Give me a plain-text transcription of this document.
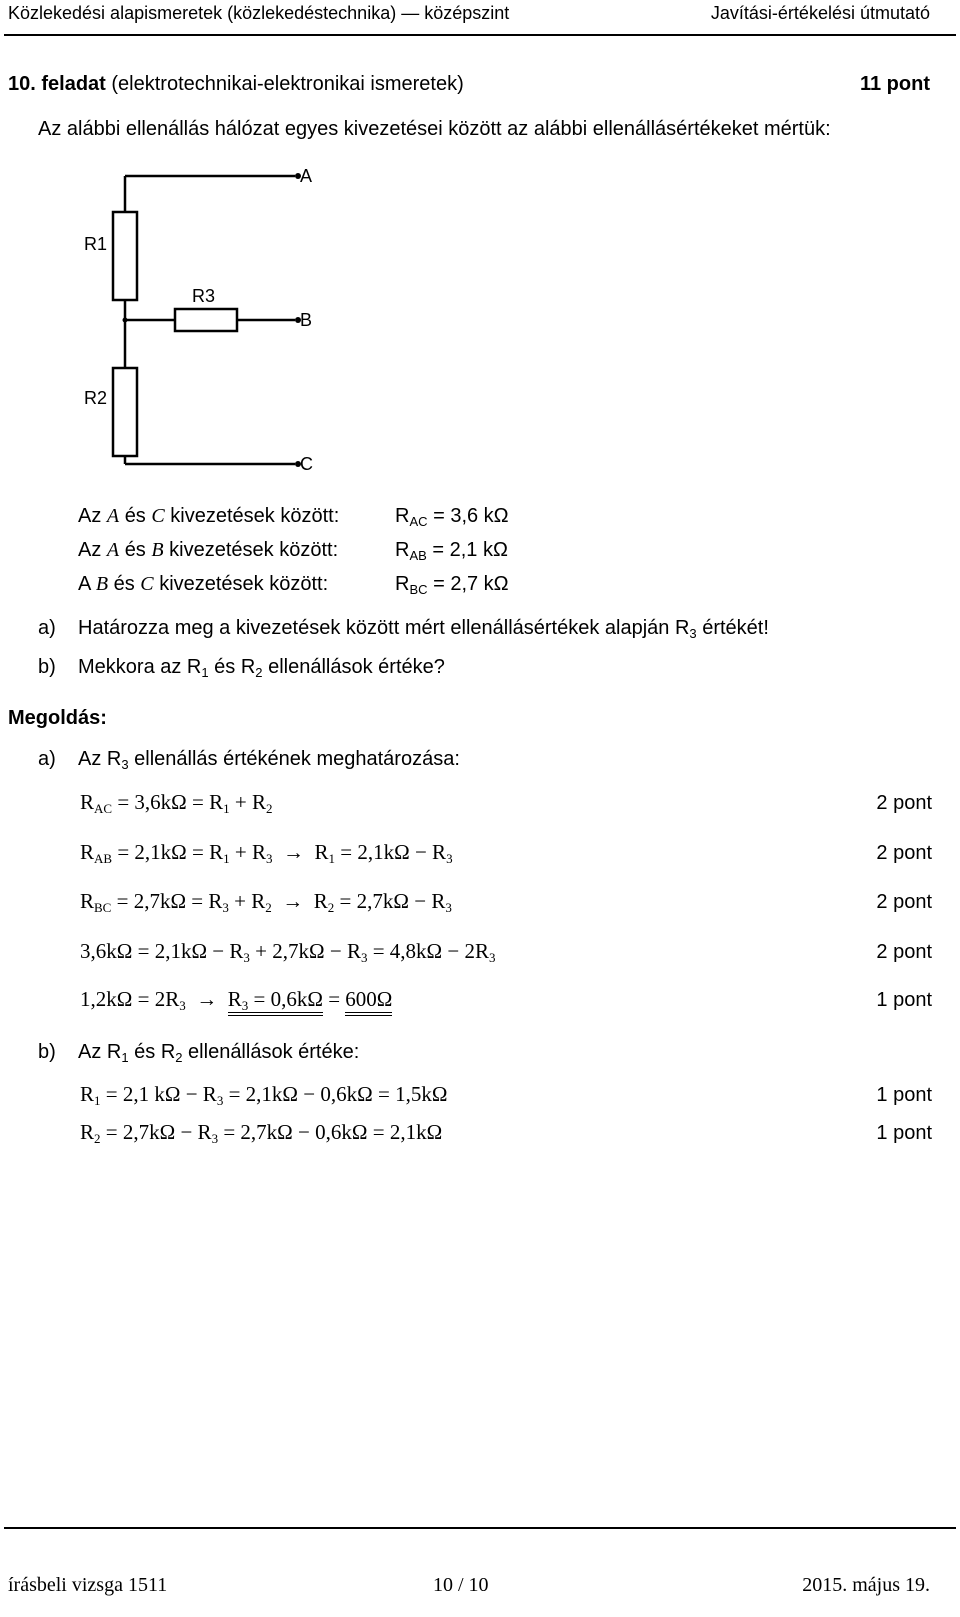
Közlekedési alapismeretek (közlekedéstechnika) — középszint	Javítási-értékelési útmutató
10. feladat (elektrotechnikai-elektronikai ismeretek)	11 pont
Az alábbi ellenállás hálózat egyes kivezetései között az alábbi ellenállásértékeket mértük:
A
B
C
R1
R3
R2
Az A és C kivezetések között:	$R_{AC} = 3,6$ kΩ
Az A és B kivezetések között:	$R_{AB} = 2,1$ kΩ
A B és C kivezetések között:	$R_{BC} = 2,7$ kΩ
a) Határozza meg a kivezetések között mért ellenállásértékek alapján $R_3$ értékét!
b) Mekkora az $R_1$ és $R_2$ ellenállások értéke?
Megoldás:
a) Az $R_3$ ellenállás értékének meghatározása:
$R_{AC} = 3,6k\Omega = R_1 + R_2$	2 pont
$R_{AB} = 2,1k\Omega = R_1 + R_3 \to R_1 = 2,1k\Omega - R_3$	2 pont
$R_{BC} = 2,7k\Omega = R_3 + R_2 \to R_2 = 2,7k\Omega - R_3$	2 pont
$3,6k\Omega = 2,1k\Omega - R_3 + 2,7k\Omega - R_3 = 4,8k\Omega - 2R_3$	2 pont
$1,2k\Omega = 2R_3 \to R_3 = 0,6k\Omega = 600\Omega$	1 pont
b) Az $R_1$ és $R_2$ ellenállások értéke:
$R_1 = 2,1$ $k\Omega - R_3 = 2,1k\Omega - 0,6k\Omega = 1,5k\Omega$	1 pont
$R_2 = 2,7k\Omega - R_3 = 2,7k\Omega - 0,6k\Omega = 2,1k\Omega$	1 pont
írásbeli vizsga 1511	10 / 10	2015. május 19.
